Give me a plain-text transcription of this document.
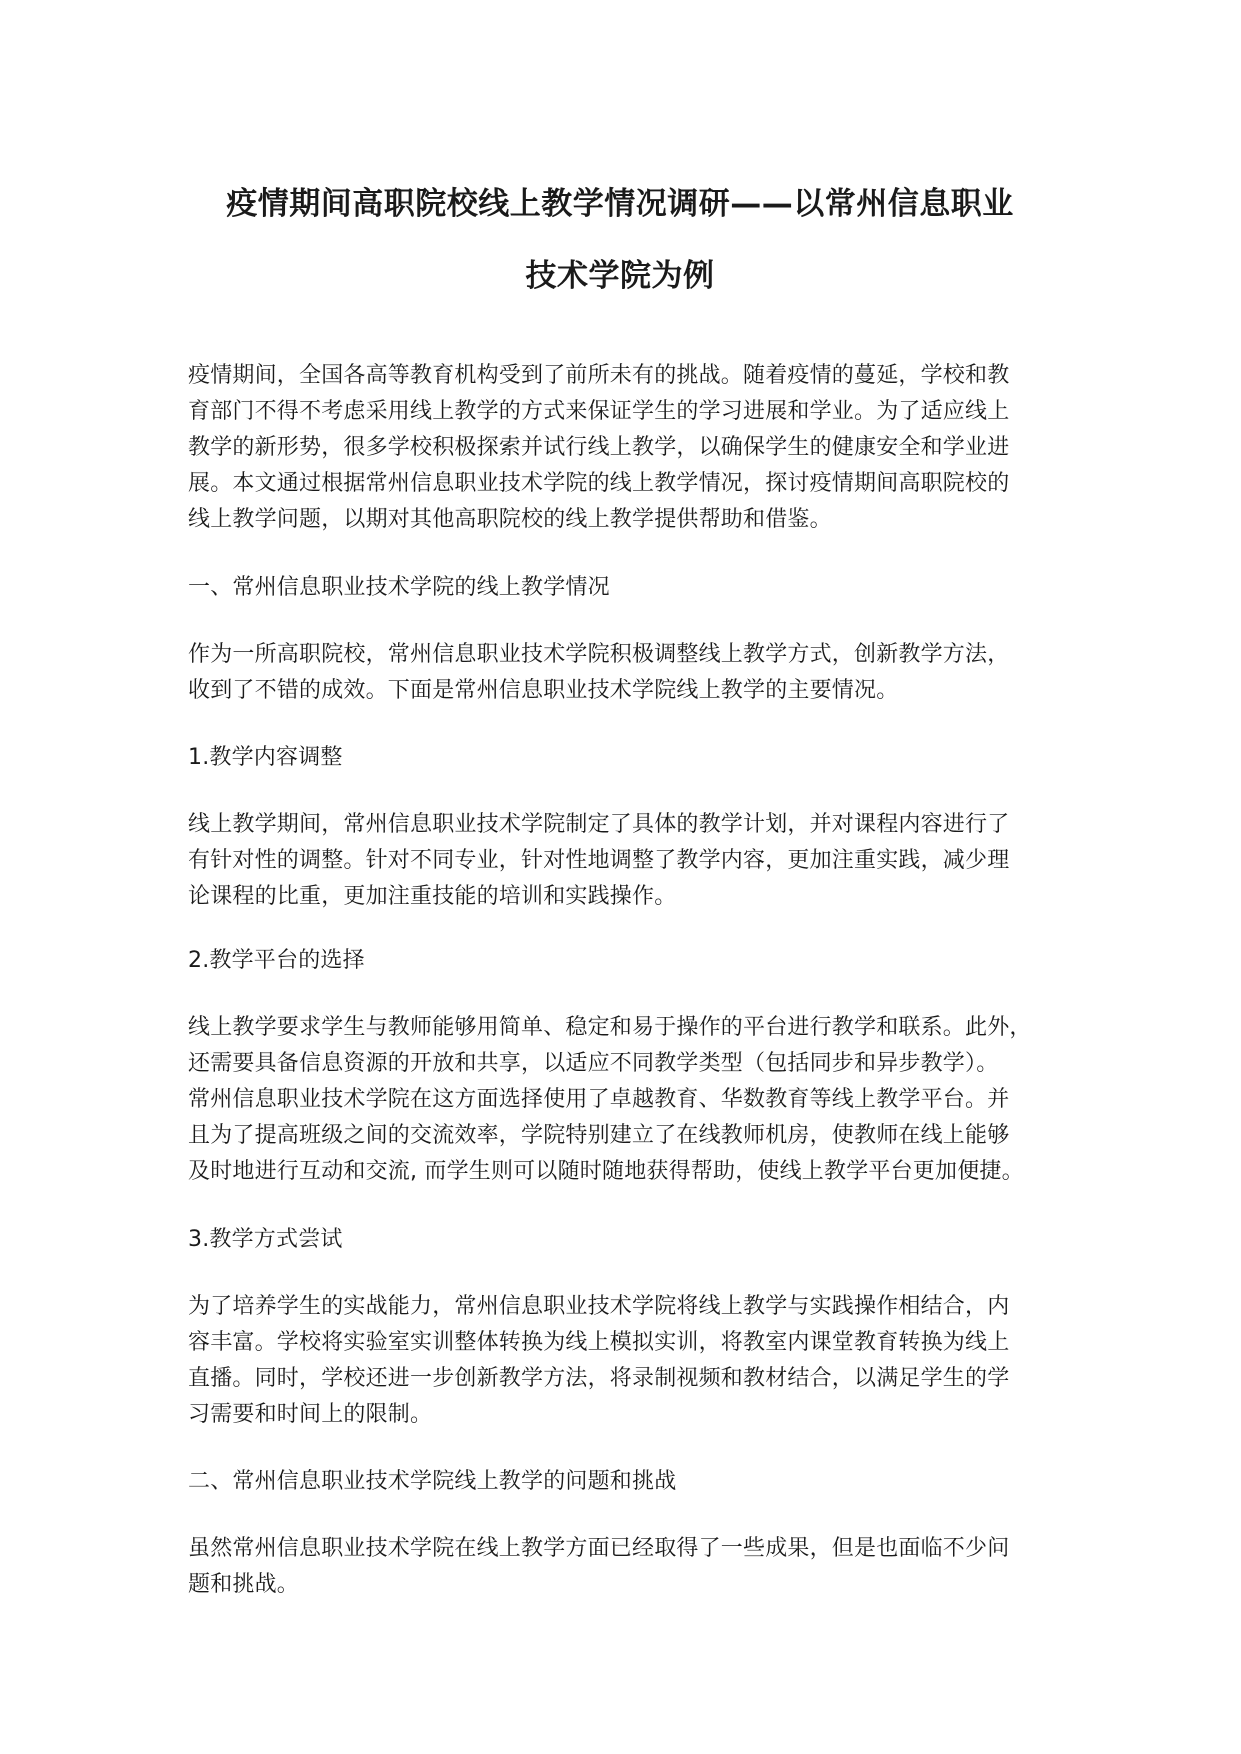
疫情期间高职院校线上教学情况调研——以常州信息职业
技术学院为例
疫情期间，全国各高等教育机构受到了前所未有的挑战。随着疫情的蔓延，学校和教
育部门不得不考虑采用线上教学的方式来保证学生的学习进展和学业。为了适应线上
教学的新形势，很多学校积极探索并试行线上教学，以确保学生的健康安全和学业进
展。本文通过根据常州信息职业技术学院的线上教学情况，探讨疫情期间高职院校的
线上教学问题，以期对其他高职院校的线上教学提供帮助和借鉴。
一、常州信息职业技术学院的线上教学情况
作为一所高职院校，常州信息职业技术学院积极调整线上教学方式，创新教学方法，
收到了不错的成效。下面是常州信息职业技术学院线上教学的主要情况。
1.教学内容调整
线上教学期间，常州信息职业技术学院制定了具体的教学计划，并对课程内容进行了
有针对性的调整。针对不同专业，针对性地调整了教学内容，更加注重实践，减少理
论课程的比重，更加注重技能的培训和实践操作。
2.教学平台的选择
线上教学要求学生与教师能够用简单、稳定和易于操作的平台进行教学和联系。此外，
还需要具备信息资源的开放和共享，以适应不同教学类型（包括同步和异步教学）。
常州信息职业技术学院在这方面选择使用了卓越教育、华数教育等线上教学平台。并
且为了提高班级之间的交流效率，学院特别建立了在线教师机房，使教师在线上能够
及时地进行互动和交流, 而学生则可以随时随地获得帮助，使线上教学平台更加便捷。
3.教学方式尝试
为了培养学生的实战能力，常州信息职业技术学院将线上教学与实践操作相结合，内
容丰富。学校将实验室实训整体转换为线上模拟实训，将教室内课堂教育转换为线上
直播。同时，学校还进一步创新教学方法，将录制视频和教材结合，以满足学生的学
习需要和时间上的限制。
二、常州信息职业技术学院线上教学的问题和挑战
虽然常州信息职业技术学院在线上教学方面已经取得了一些成果，但是也面临不少问
题和挑战。
